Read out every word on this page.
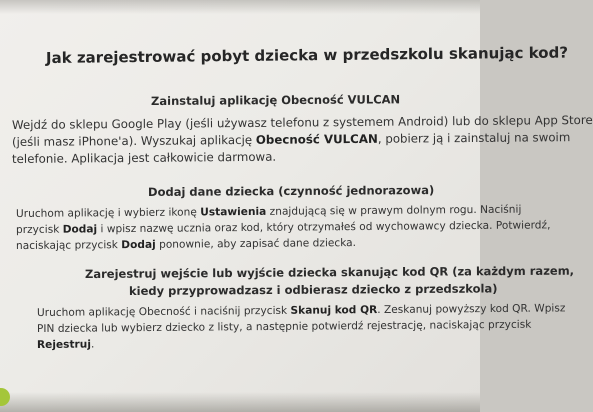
Jak zarejestrować pobyt dziecka w przedszkolu skanując kod?
Zainstaluj aplikację Obecność VULCAN
Wejdź do sklepu Google Play (jeśli używasz telefonu z systemem Android) lub do sklepu App Store
(jeśli masz iPhone'a). Wyszukaj aplikację Obecność VULCAN, pobierz ją i zainstaluj na swoim
telefonie. Aplikacja jest całkowicie darmowa.
Dodaj dane dziecka (czynność jednorazowa)
Uruchom aplikację i wybierz ikonę Ustawienia znajdującą się w prawym dolnym rogu. Naciśnij
przycisk Dodaj i wpisz nazwę ucznia oraz kod, który otrzymałeś od wychowawcy dziecka. Potwierdź,
naciskając przycisk Dodaj ponownie, aby zapisać dane dziecka.
Zarejestruj wejście lub wyjście dziecka skanując kod QR (za każdym razem,
kiedy przyprowadzasz i odbierasz dziecko z przedszkola)
Uruchom aplikację Obecność i naciśnij przycisk Skanuj kod QR. Zeskanuj powyższy kod QR. Wpisz
PIN dziecka lub wybierz dziecko z listy, a następnie potwierdź rejestrację, naciskając przycisk
Rejestruj.
